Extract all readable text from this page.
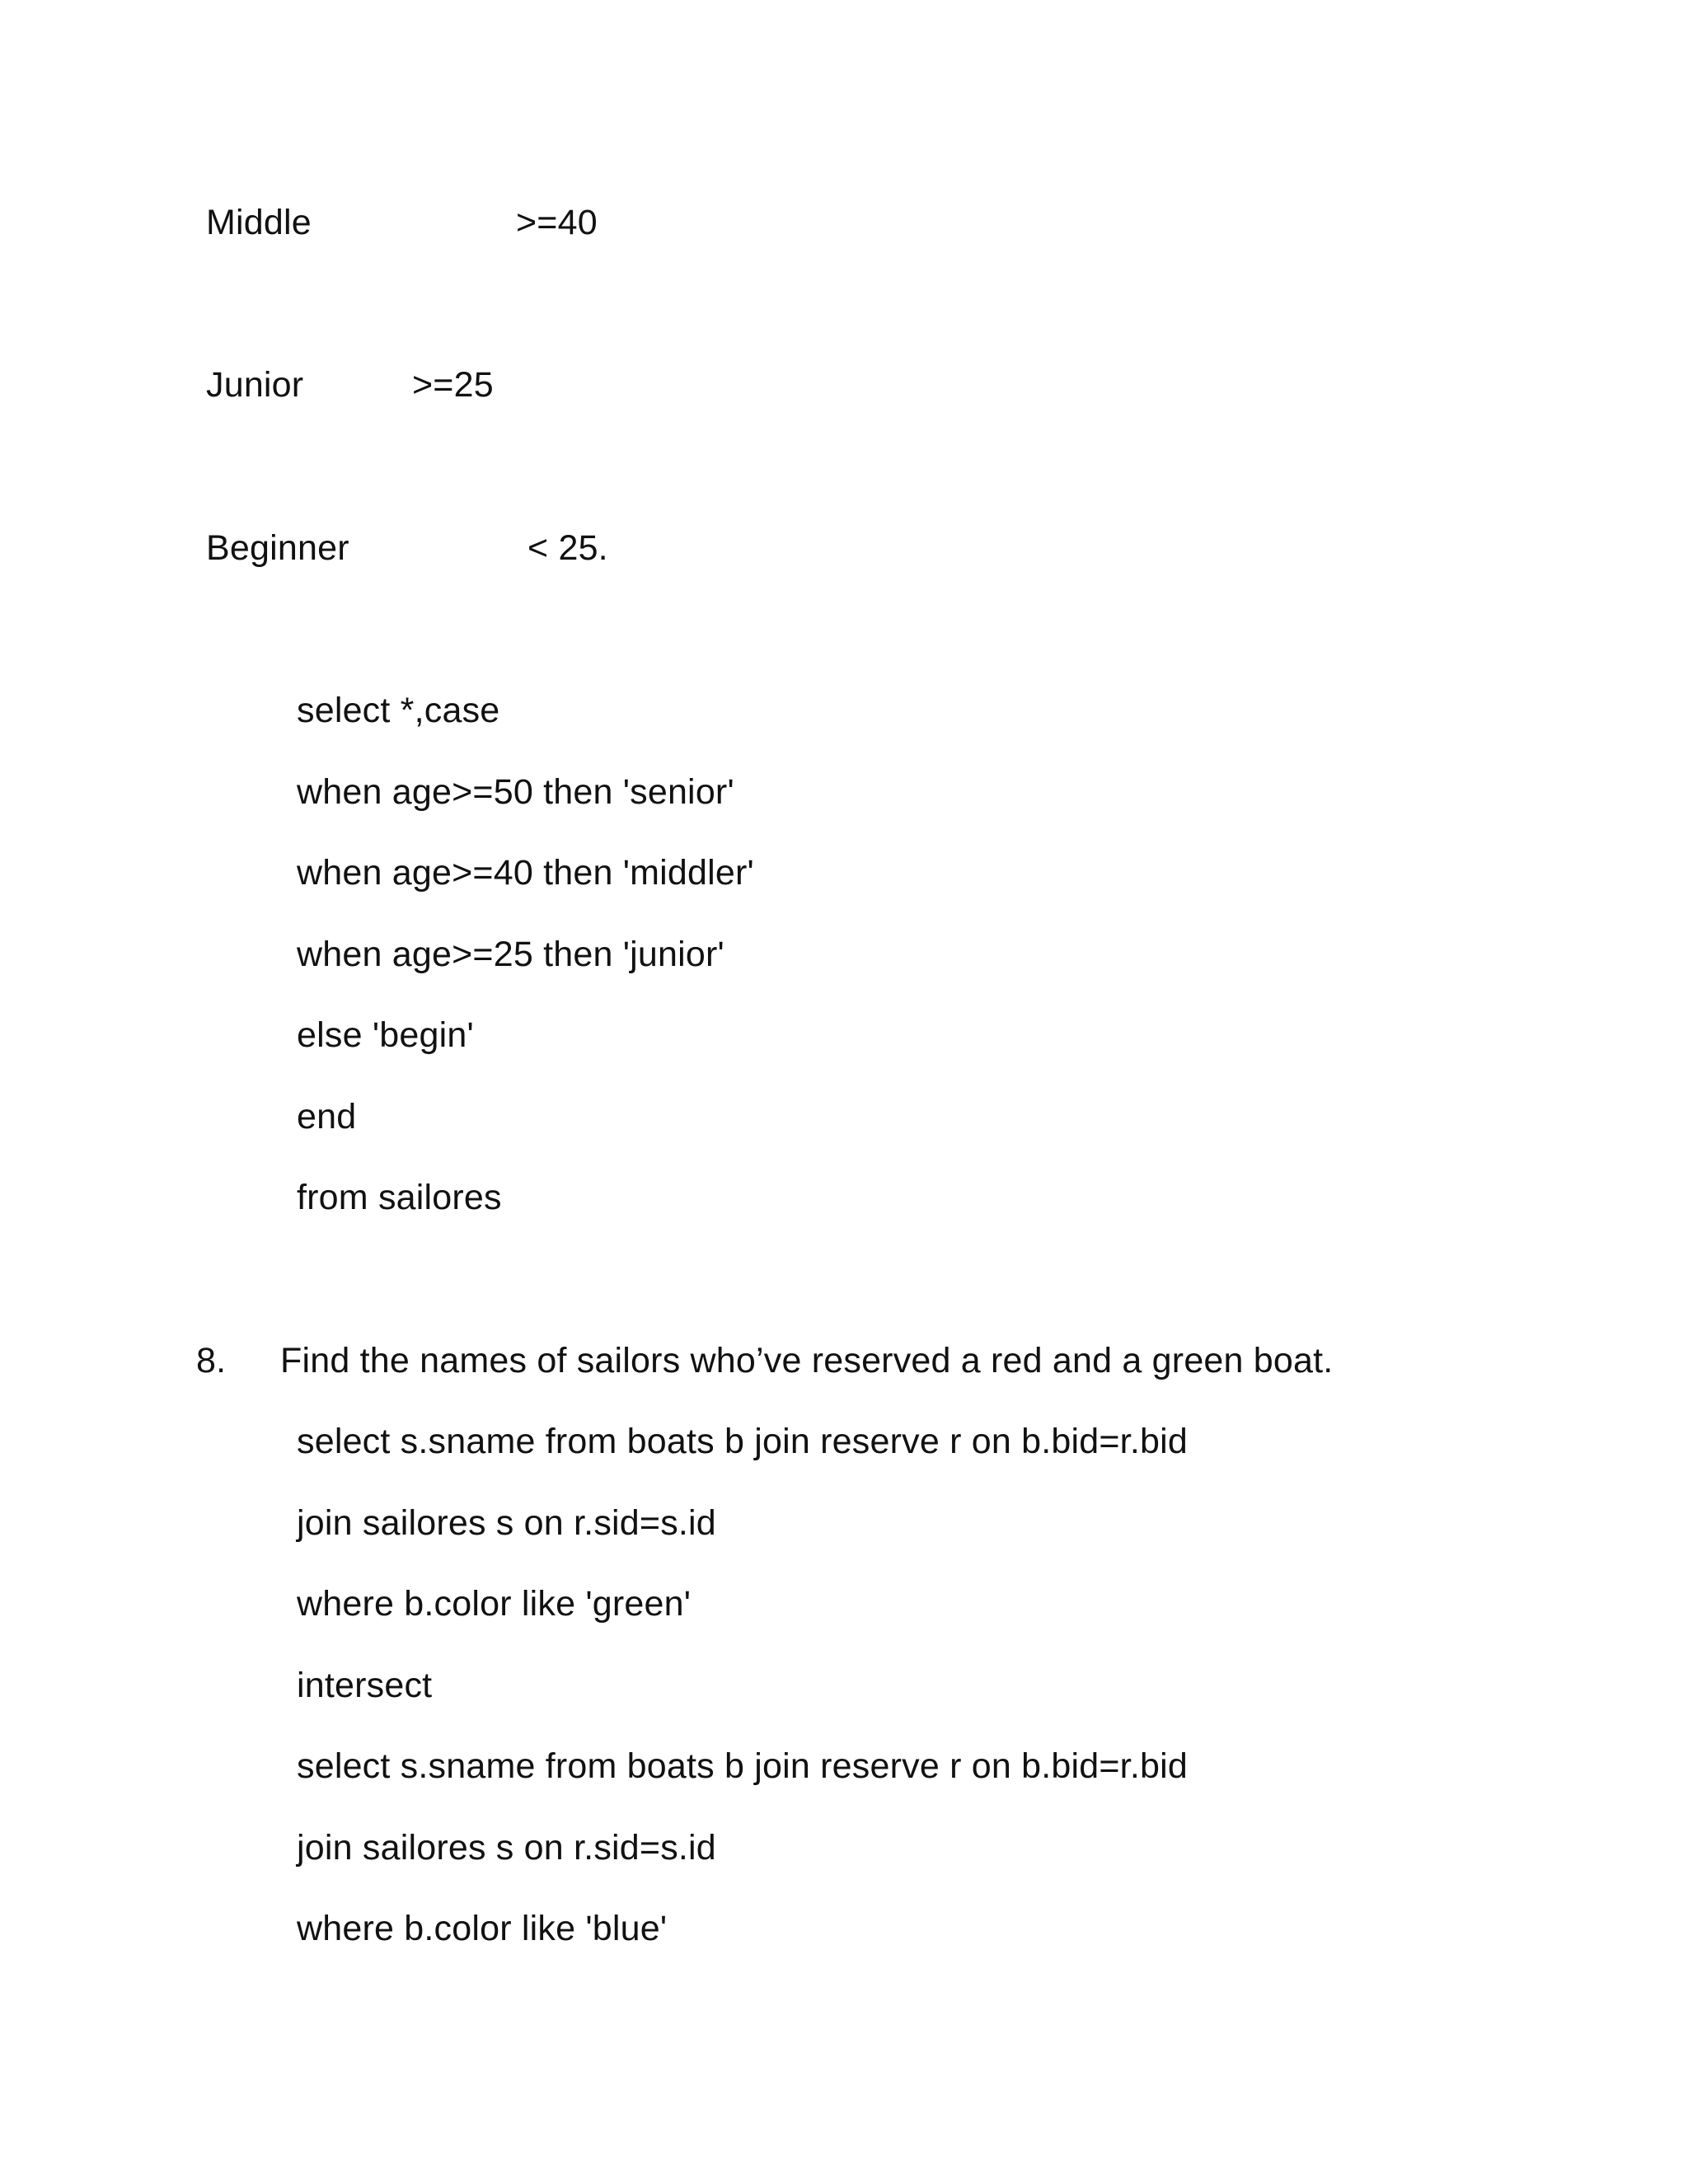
Middle	>=40
Junior	>=25
Beginner	< 25.
select *,case
when age>=50 then 'senior'
when age>=40 then 'middler'
when age>=25 then 'junior'
else 'begin'
end
from sailores
8. Find the names of sailors who’ve reserved a red and a green boat.
select s.sname from boats b join reserve r on b.bid=r.bid
join sailores s on r.sid=s.id
where b.color like 'green'
intersect
select s.sname from boats b join reserve r on b.bid=r.bid
join sailores s on r.sid=s.id
where b.color like 'blue'
